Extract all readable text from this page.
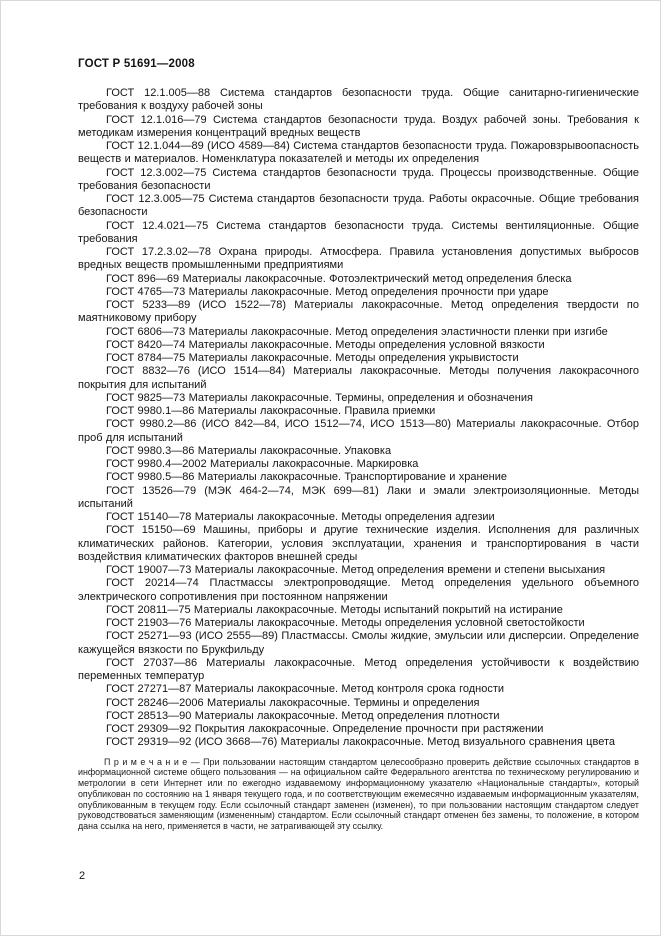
ГОСТ Р 51691—2008

ГОСТ 12.1.005—88 Система стандартов безопасности труда. Общие санитарно-гигиенические требования к воздуху рабочей зоны

ГОСТ 12.1.016—79 Система стандартов безопасности труда. Воздух рабочей зоны. Требования к методикам измерения концентраций вредных веществ

ГОСТ 12.1.044—89 (ИСО 4589—84) Система стандартов безопасности труда. Пожаровзрывоопасность веществ и материалов. Номенклатура показателей и методы их определения

ГОСТ 12.3.002—75 Система стандартов безопасности труда. Процессы производственные. Общие требования безопасности

ГОСТ 12.3.005—75 Система стандартов безопасности труда. Работы окрасочные. Общие требования безопасности

ГОСТ 12.4.021—75 Система стандартов безопасности труда. Системы вентиляционные. Общие требования

ГОСТ 17.2.3.02—78 Охрана природы. Атмосфера. Правила установления допустимых выбросов вредных веществ промышленными предприятиями

ГОСТ 896—69 Материалы лакокрасочные. Фотоэлектрический метод определения блеска

ГОСТ 4765—73 Материалы лакокрасочные. Метод определения прочности при ударе

ГОСТ 5233—89 (ИСО 1522—78) Материалы лакокрасочные. Метод определения твердости по маятниковому прибору

ГОСТ 6806—73 Материалы лакокрасочные. Метод определения эластичности пленки при изгибе

ГОСТ 8420—74 Материалы лакокрасочные. Методы определения условной вязкости

ГОСТ 8784—75 Материалы лакокрасочные. Методы определения укрывистости

ГОСТ 8832—76 (ИСО 1514—84) Материалы лакокрасочные. Методы получения лакокрасочного покрытия для испытаний

ГОСТ 9825—73 Материалы лакокрасочные. Термины, определения и обозначения

ГОСТ 9980.1—86 Материалы лакокрасочные. Правила приемки

ГОСТ 9980.2—86 (ИСО 842—84, ИСО 1512—74, ИСО 1513—80) Материалы лакокрасочные. Отбор проб для испытаний

ГОСТ 9980.3—86 Материалы лакокрасочные. Упаковка

ГОСТ 9980.4—2002 Материалы лакокрасочные. Маркировка

ГОСТ 9980.5—86 Материалы лакокрасочные. Транспортирование и хранение

ГОСТ 13526—79 (МЭК 464-2—74, МЭК 699—81) Лаки и эмали электроизоляционные. Методы испытаний

ГОСТ 15140—78 Материалы лакокрасочные. Методы определения адгезии

ГОСТ 15150—69 Машины, приборы и другие технические изделия. Исполнения для различных климатических районов. Категории, условия эксплуатации, хранения и транспортирования в части воздействия климатических факторов внешней среды

ГОСТ 19007—73 Материалы лакокрасочные. Метод определения времени и степени высыхания

ГОСТ 20214—74 Пластмассы электропроводящие. Метод определения удельного объемного электрического сопротивления при постоянном напряжении

ГОСТ 20811—75 Материалы лакокрасочные. Методы испытаний покрытий на истирание

ГОСТ 21903—76 Материалы лакокрасочные. Методы определения условной светостойкости

ГОСТ 25271—93 (ИСО 2555—89) Пластмассы. Смолы жидкие, эмульсии или дисперсии. Определение кажущейся вязкости по Брукфильду

ГОСТ 27037—86 Материалы лакокрасочные. Метод определения устойчивости к воздействию переменных температур

ГОСТ 27271—87 Материалы лакокрасочные. Метод контроля срока годности

ГОСТ 28246—2006 Материалы лакокрасочные. Термины и определения

ГОСТ 28513—90 Материалы лакокрасочные. Метод определения плотности

ГОСТ 29309—92 Покрытия лакокрасочные. Определение прочности при растяжении

ГОСТ 29319—92 (ИСО 3668—76) Материалы лакокрасочные. Метод визуального сравнения цвета

П р и м е ч а н и е — При пользовании настоящим стандартом целесообразно проверить действие ссылочных стандартов в информационной системе общего пользования — на официальном сайте Федерального агентства по техническому регулированию и метрологии в сети Интернет или по ежегодно издаваемому информационному указателю «Национальные стандарты», который опубликован по состоянию на 1 января текущего года, и по соответствующим ежемесячно издаваемым информационным указателям, опубликованным в текущем году. Если ссылочный стандарт заменен (изменен), то при пользовании настоящим стандартом следует руководствоваться заменяющим (измененным) стандартом. Если ссылочный стандарт отменен без замены, то положение, в котором дана ссылка на него, применяется в части, не затрагивающей эту ссылку.

2
